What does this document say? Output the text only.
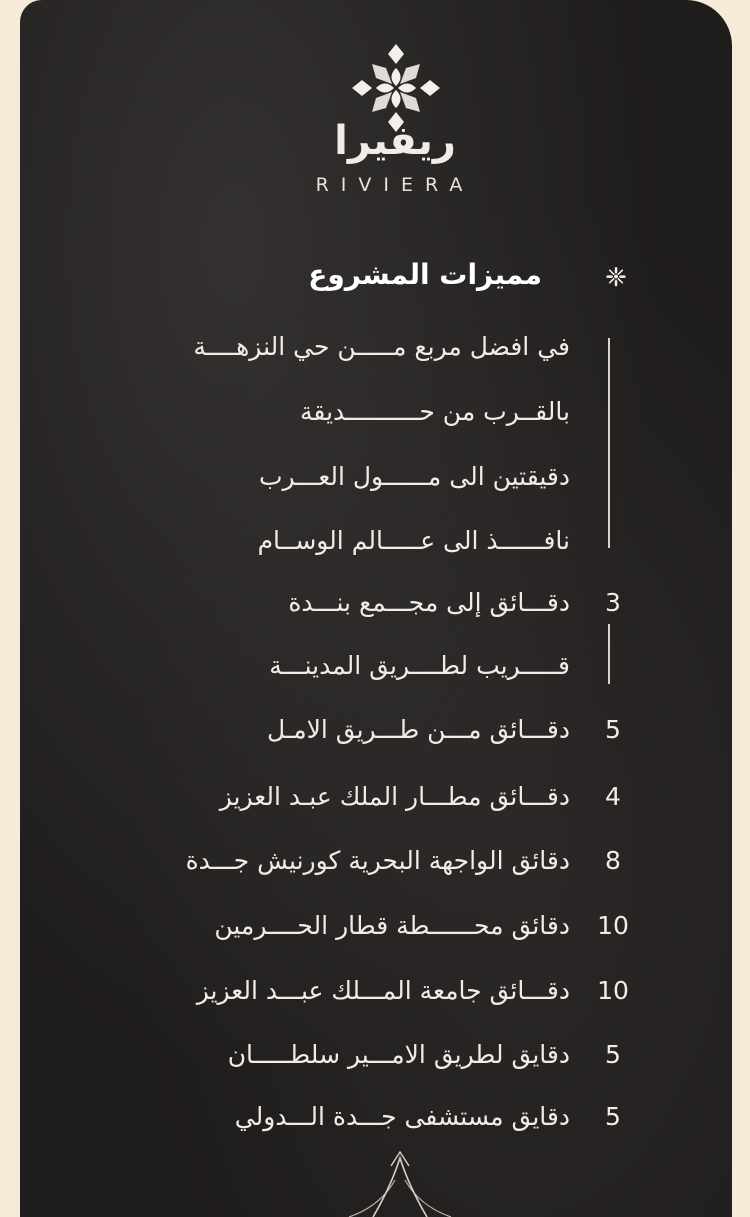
ريفيرا
RIVIERA
❈
مميزات المشروع
في افضل مربع مـــــن حي النزهــــة
بالقــرب من حــــــــــديقة
دقيقتين الى مــــــول العـــرب
نافــــــذ الى عـــــالم الوســام
3
دقـــائق إلى مجـــمع بنـــدة
قـــــريب لطــــريق المدينـــة
5
دقـــائق مـــن طـــريق الامـل
4
دقـــائق مطـــار الملك عبـد العزيز
8
دقائق الواجهة البحرية كورنيش جـــدة
10
دقائق محــــــطة قطار الحــــرمين
10
دقـــائق جامعة المـــلك عبـــد العزيز
5
دقايق لطريق الامـــير سلطـــــان
5
دقايق مستشفى جـــدة الـــدولي
